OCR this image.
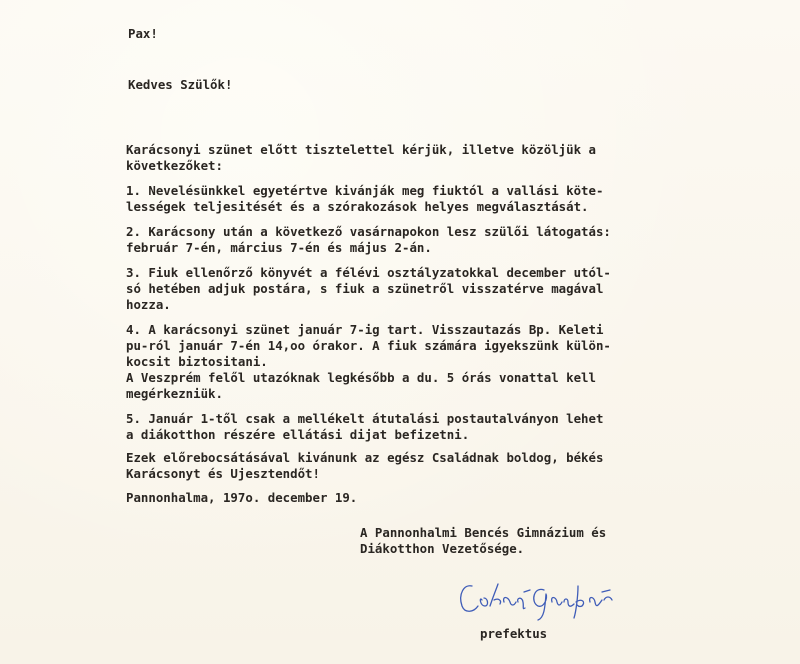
Pax!
Kedves Szülők!
Karácsonyi szünet előtt tisztelettel kérjük, illetve közöljük a
következőket:
1. Nevelésünkkel egyetértve kivánják meg fiuktól a vallási köte-
lességek teljesitését és a szórakozások helyes megválasztását.
2. Karácsony után a következő vasárnapokon lesz szülői látogatás:
február 7-én, március 7-én és május 2-án.
3. Fiuk ellenőrző könyvét a félévi osztályzatokkal december utól-
só hetében adjuk postára, s fiuk a szünetről visszatérve magával
hozza.
4. A karácsonyi szünet január 7-ig tart. Visszautazás Bp. Keleti
pu-ról január 7-én 14,oo órakor. A fiuk számára igyekszünk külön-
kocsit biztositani.
A Veszprém felől utazóknak legkésőbb a du. 5 órás vonattal kell
megérkezniük.
5. Január 1-től csak a mellékelt átutalási postautalványon lehet
a diákotthon részére ellátási dijat befizetni.
Ezek előrebocsátásával kivánunk az egész Családnak boldog, békés
Karácsonyt és Ujesztendőt!
Pannonhalma, 197o. december 19.
A Pannonhalmi Bencés Gimnázium és
Diákotthon Vezetősége.
prefektus
